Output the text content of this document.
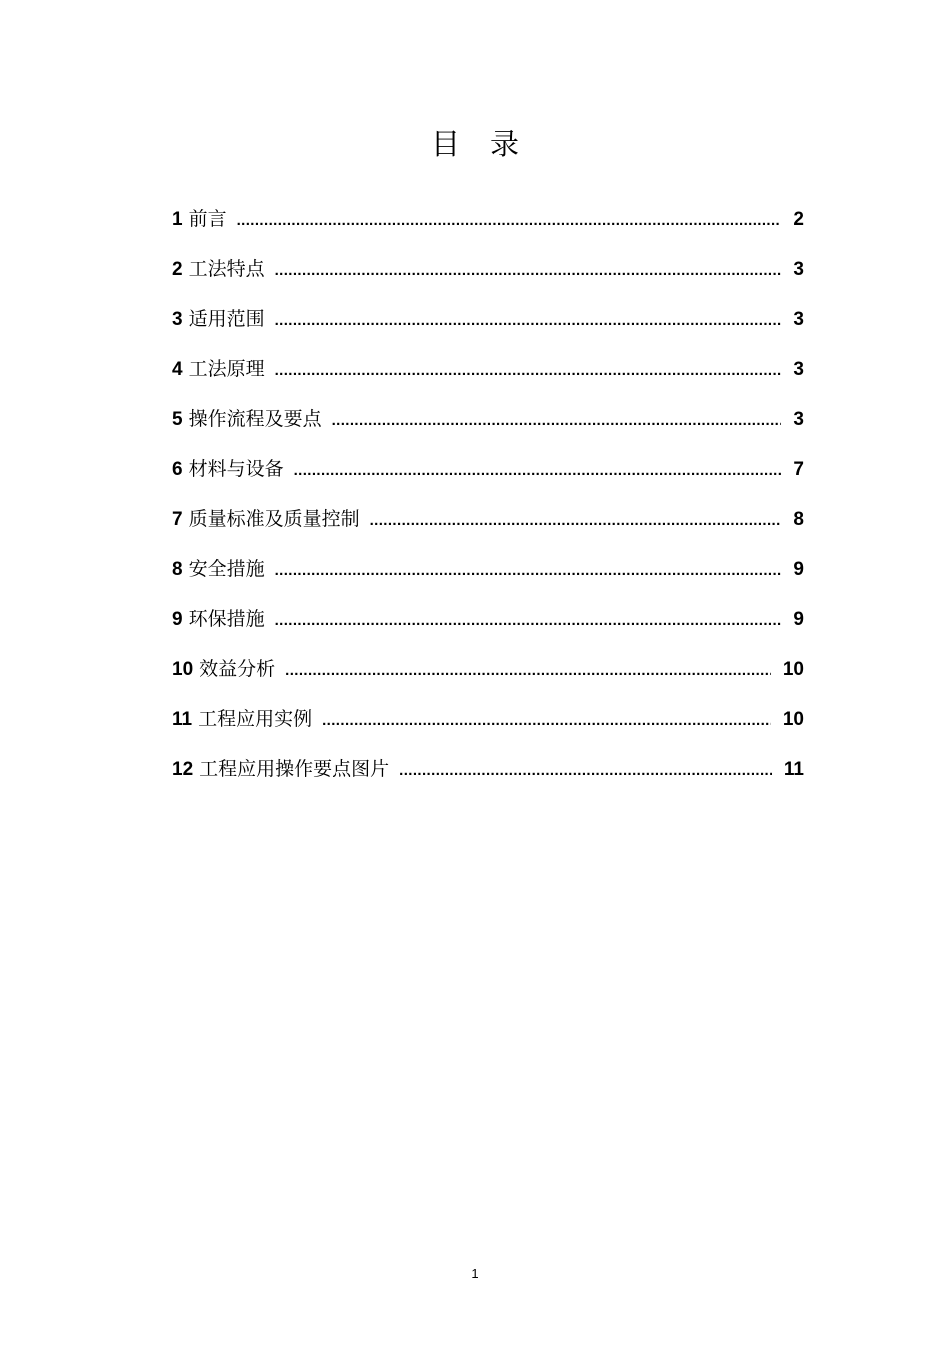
目录
1 前言 .....	2
2 工法特点 .....	3
3 适用范围 .....	3
4 工法原理 .....	3
5 操作流程及要点 .....	3
6 材料与设备 .....	7
7 质量标准及质量控制 .....	8
8 安全措施 .....	9
9 环保措施 .....	9
10 效益分析 .....	10
11 工程应用实例 .....	10
12 工程应用操作要点图片 .....	11
1
